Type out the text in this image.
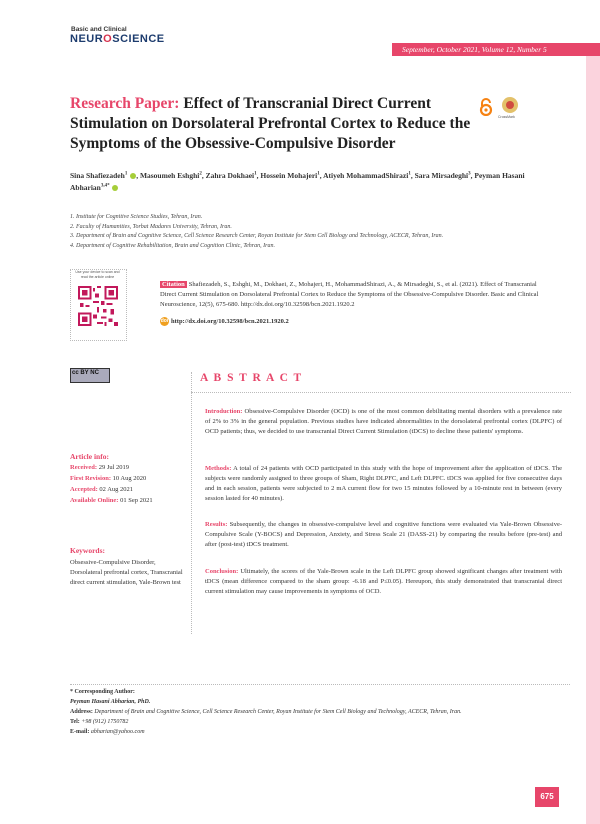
Basic and Clinical
NEUROSCIENCE
September, October 2021, Volume 12, Number 5
Research Paper: Effect of Transcranial Direct Current Stimulation on Dorsolateral Prefrontal Cortex to Reduce the Symptoms of the Obsessive-Compulsive Disorder
CrossMark
Sina Shafiezadeh$^1$ , Masoumeh Eshghi$^2$, Zahra Dokhaei$^1$, Hossein Mohajeri$^1$, Atiyeh MohammadShirazi$^1$, Sara Mirsadeghi$^3$, Peyman Hasani Abharian$^{3,4*}$
1. Institute for Cognitive Science Studies, Tehran, Iran.
2. Faculty of Humanities, Torbat Madares University, Tehran, Iran.
3. Department of Brain and Cognitive Science, Cell Science Research Center, Royan Institute for Stem Cell Biology and Technology, ACECR, Tehran, Iran.
4. Department of Cognitive Rehabilitation, Brain and Cognition Clinic, Tehran, Iran.
Use your device to scan and read the article online
Citation Shafiezadeh, S., Eshghi, M., Dokhaei, Z., Mohajeri, H., MohammadShirazi, A., & Mirsadeghi, S., et al. (2021). Effect of Transcranial Direct Current Stimulation on Dorsolateral Prefrontal Cortex to Reduce the Symptoms of the Obsessive-Compulsive Disorder. Basic and Clinical Neuroscience, 12(5), 675-680. http://dx.doi.org/10.32598/bcn.2021.1920.2
doi http://dx.doi.org/10.32598/bcn.2021.1920.2
cc BY NC	A B S T R A C T
Article info:
Received: 29 Jul 2019
First Revision: 10 Aug 2020
Accepted: 02 Aug 2021
Available Online: 01 Sep 2021
Keywords:
Obsessive-Compulsive Disorder, Dorsolateral prefrontal cortex, Transcranial direct current stimulation, Yale-Brown test
Introduction: Obsessive-Compulsive Disorder (OCD) is one of the most common debilitating mental disorders with a prevalence rate of 2% to 3% in the general population. Previous studies have indicated abnormalities in the dorsolateral prefrontal cortex (DLPFC) of OCD patients; thus, we decided to use transcranial Direct Current Stimulation (tDCS) to decline these patients' symptoms.
Methods: A total of 24 patients with OCD participated in this study with the hope of improvement after the application of tDCS. The subjects were randomly assigned to three groups of Sham, Right DLPFC, and Left DLPFC. tDCS was applied for five consecutive days and in each session, patients were subjected to 2 mA current flow for two 15 minutes followed by a 10-minute rest in between (every session lasted for 40 minutes).
Results: Subsequently, the changes in obsessive-compulsive level and cognitive functions were evaluated via Yale-Brown Obsessive-Compulsive Scale (Y-BOCS) and Depression, Anxiety, and Stress Scale 21 (DASS-21) by comparing the results before (pre-test) and after (post-test) tDCS treatment.
Conclusion: Ultimately, the scores of the Yale-Brown scale in the Left DLPFC group showed significant changes after treatment with tDCS (mean difference compared to the sham group: -6.18 and P≤0.05). Hereupon, this study demonstrated that transcranial direct current stimulation may cause improvements in symptoms of OCD.
* Corresponding Author:
Peyman Hasani Abharian, PhD.
Address: Department of Brain and Cognitive Science, Cell Science Research Center, Royan Institute for Stem Cell Biology and Technology, ACECR, Tehran, Iran.
Tel: +98 (912) 1750782
E-mail: abharian@yahoo.com
675
